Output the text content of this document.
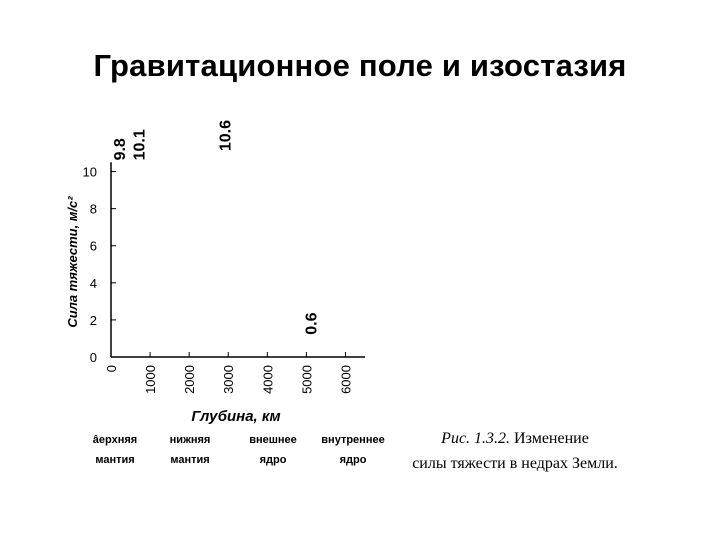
Гравитационное поле и изостазия
0
2
4
6
8
10
0 1000 2000 3000 4000 5000 6000
9.8 10.1	10.6
0.6
Сила тяжести, м/с²
Глубина, км
âерхняя
мантия
нижняя
мантия
внешнее
ядро
внутреннее
ядро
Рис. 1.3.2. Изменение
силы тяжести в недрах Земли.
